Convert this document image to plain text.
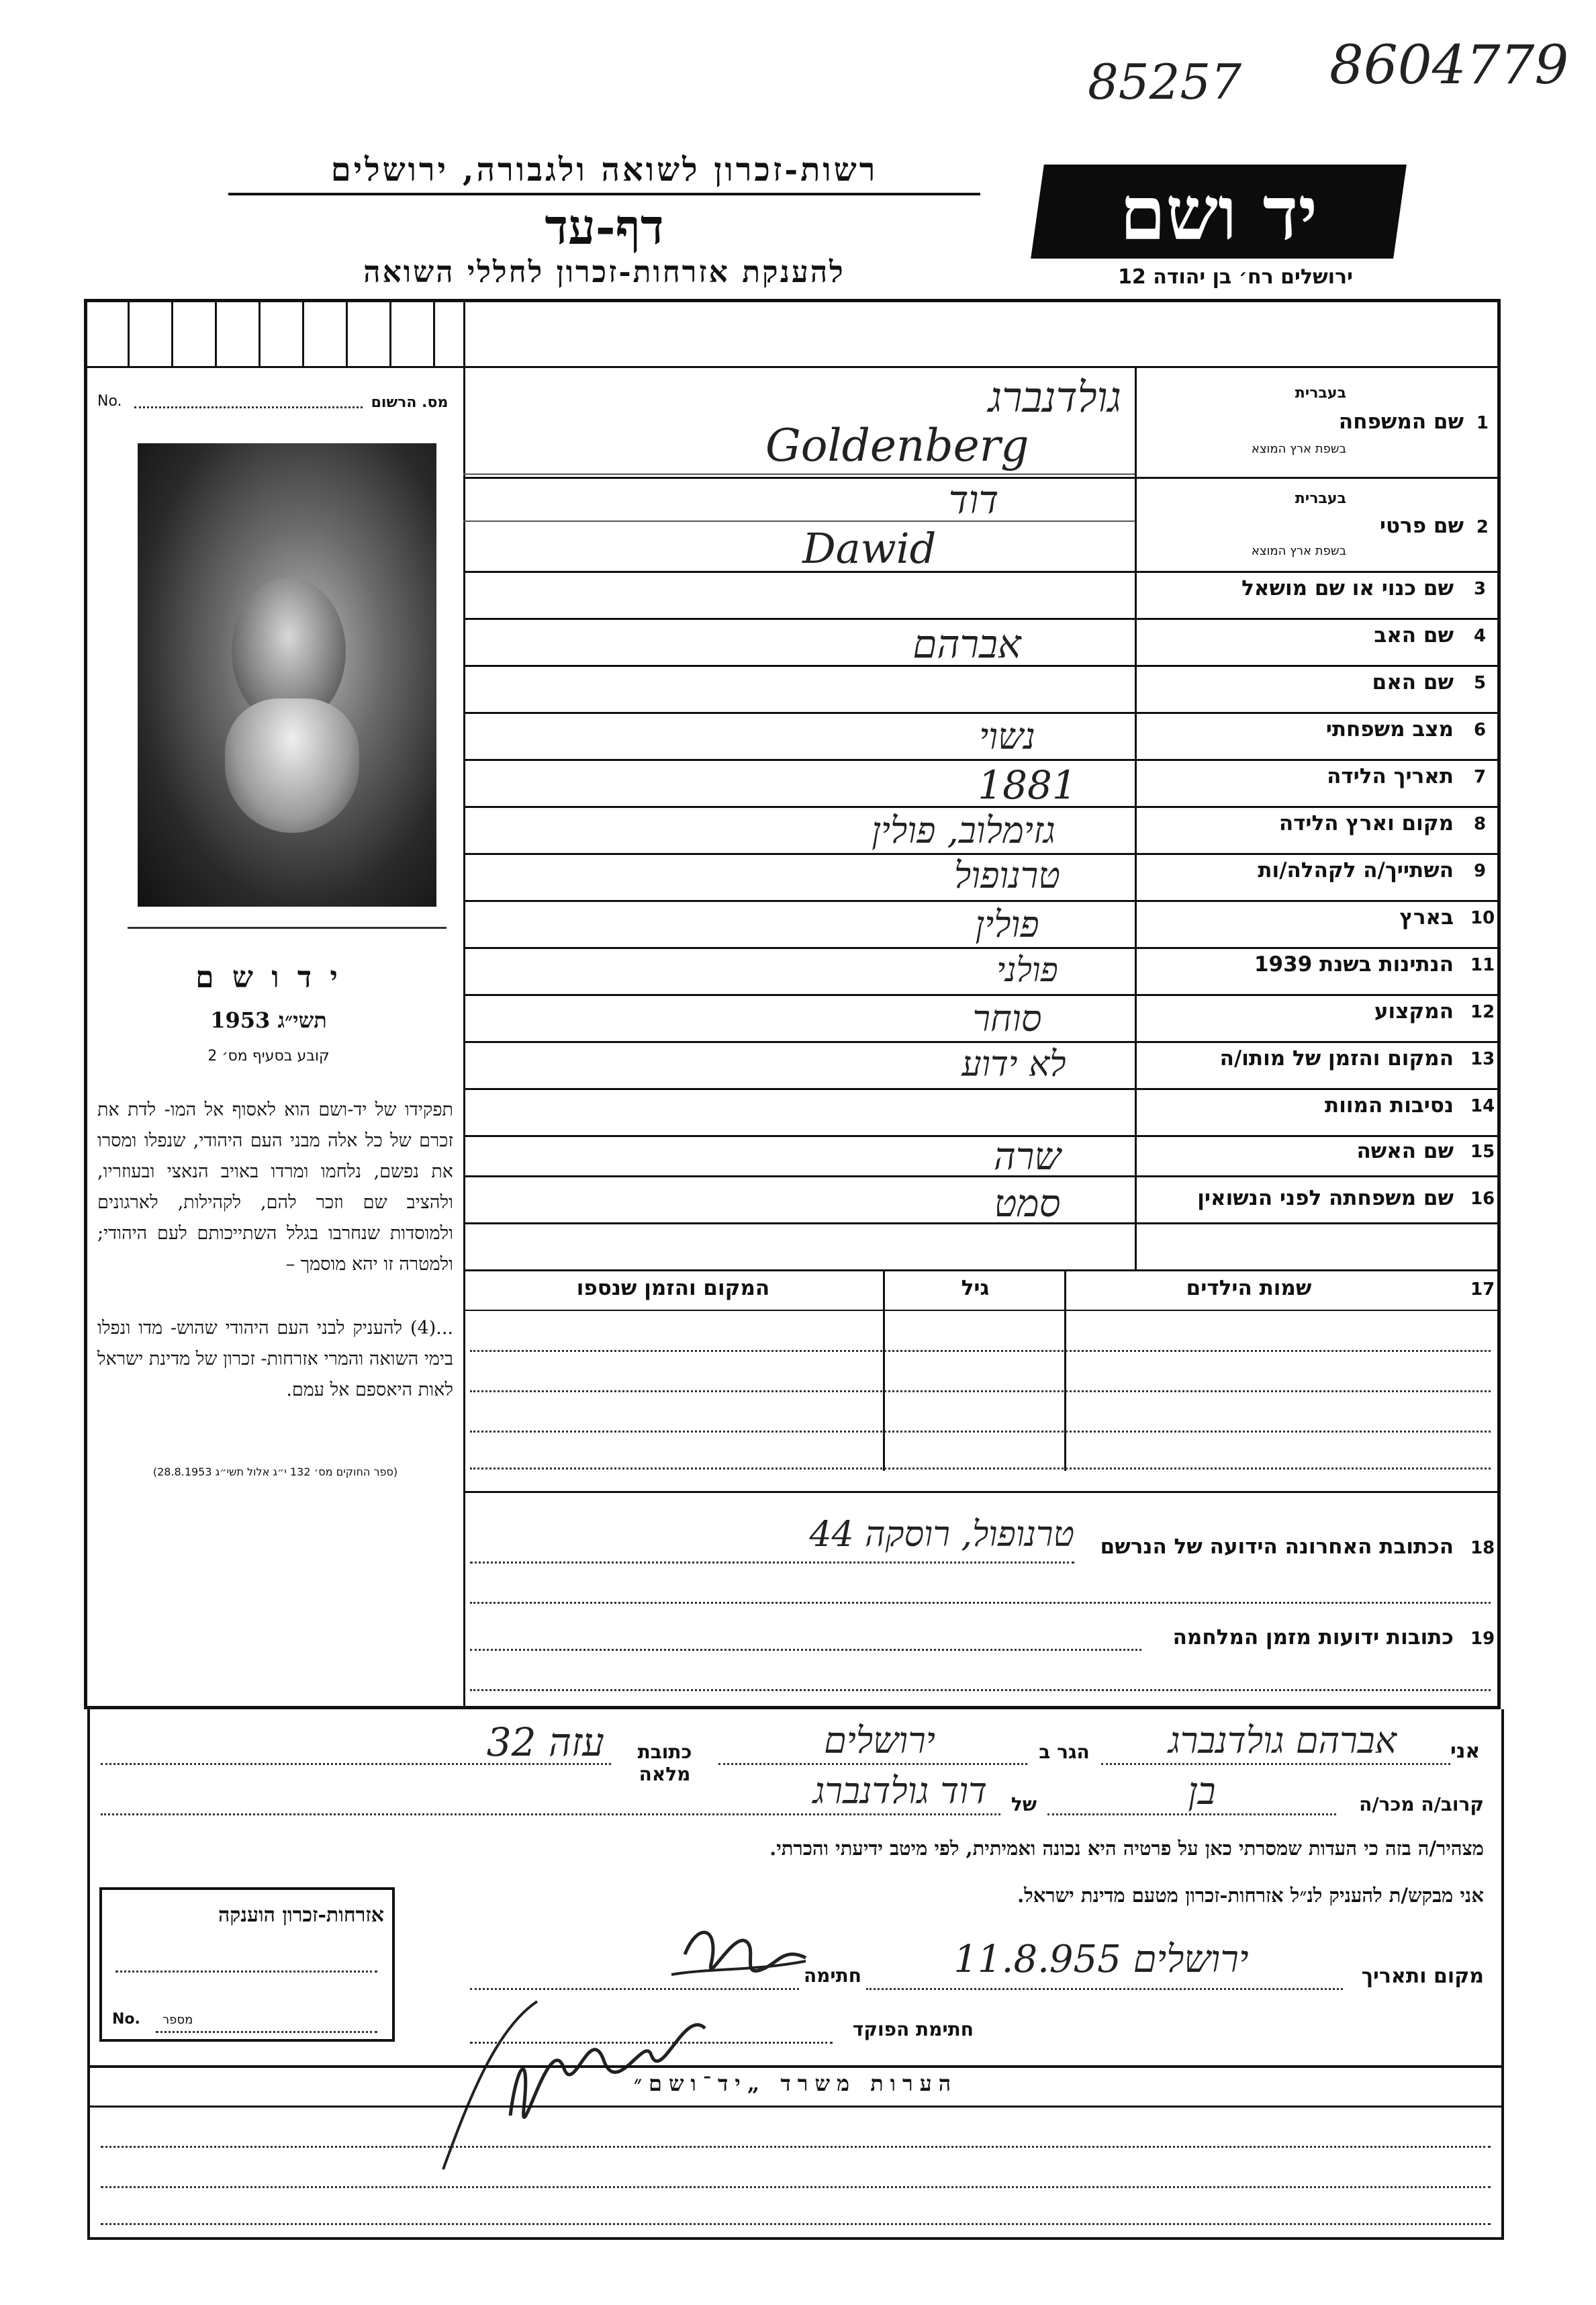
85257 8604779
רשות-זכרון לשואה ולגבורה, ירושלים
דף-עד
להענקת אזרחות-זכרון לחללי השואה
יד ושם
ירושלים רח׳ בן יהודה 12
No.	מס. הרשום
י ד ו ש ם
תשי״ג 1953
קובע בסעיף מס׳ 2
תפקידו של יד-ושם הוא לאסוף אל המו- לדת את זכרם של כל אלה מבני העם היהודי, שנפלו ומסרו את נפשם, נלחמו ומרדו באויב הנאצי ובעוזריו, ולהציב שם וזכר להם, לקהילות, לארגונים ולמוסדות שנחרבו בגלל השתייכותם לעם היהודי; ולמטרה זו יהא מוסמך –
...(4) להעניק לבני העם היהודי שהוש- מדו ונפלו בימי השואה והמרי אזרחות- זכרון של מדינת ישראל לאות היאספם אל עמם.
(ספר החוקים מס׳ 132 י״ג אלול תשי״ג 28.8.1953)
בעברית
שם המשפחה 1
בשפת ארץ המוצא
גולדנברג
Goldenberg
בעברית
שם פרטי 2
בשפת ארץ המוצא
דוד
Dawid
שם כנוי או שם מושאל 3
שם האב 4
אברהם
שם האם 5
מצב משפחתי 6
נשוי
תאריך הלידה 7
1881
מקום וארץ הלידה 8
גזימלוב, פולין
השתייך/ה לקהלה/ות 9
טרנופול
בארץ 10
פולין
הנתינות בשנת 1939 11
פולני
המקצוע 12
סוחר
המקום והזמן של מותו/ה 13
לא ידוע
נסיבות המוות 14
שם האשה 15
שרה
שם משפחתה לפני הנשואין 16
סמט
שמות הילדים	17
גיל
המקום והזמן שנספו
הכתובת האחרונה הידועה של הנרשם 18
טרנופול, רוסקה 44
כתובות ידועות מזמן המלחמה 19
אני
אברהם גולדנברג
הגר ב
ירושלים
כתובת מלאה
עזה 32
קרוב/ה מכר/ה
בן
של
דוד גולדנברג
מצהיר/ה בזה כי העדות שמסרתי כאן על פרטיה היא נכונה ואמיתית, לפי מיטב ידיעתי והכרתי.
אני מבקש/ת להעניק לנ״ל אזרחות-זכרון מטעם מדינת ישראל.
מקום ותאריך
ירושלים 11.8.955
חתימה
חתימת הפוקד
אזרחות-זכרון הוענקה
No. מספר
הערות משרד „יד־ושם״
